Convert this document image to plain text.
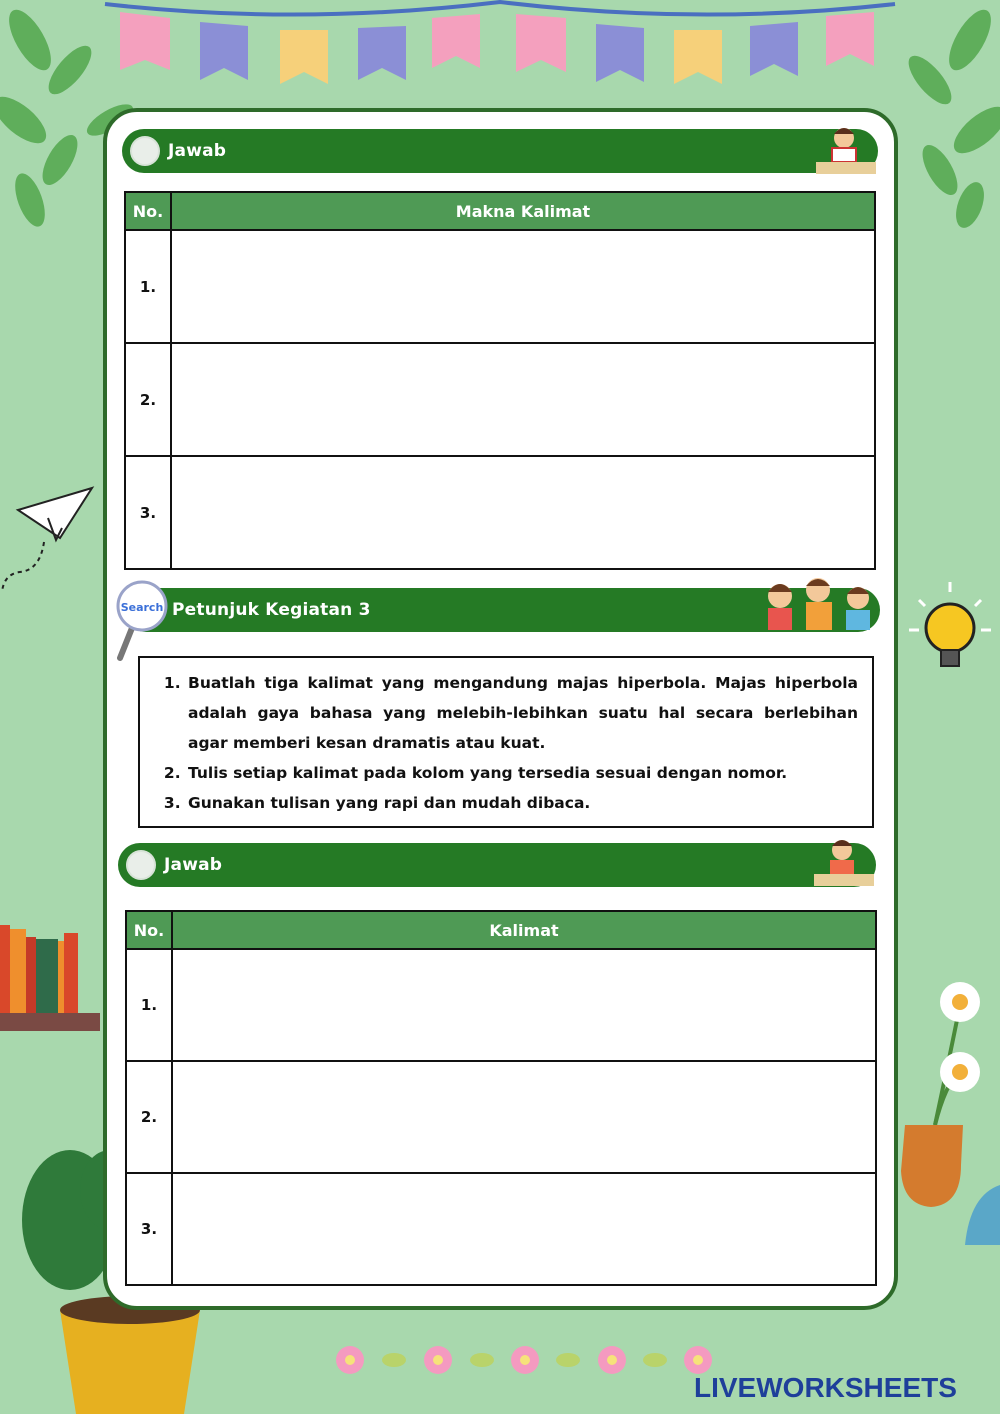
Jawab
No.	Makna Kalimat
1.	
2.	
3.	
Petunjuk Kegiatan 3
Search
1. Buatlah tiga kalimat yang mengandung majas hiperbola. Majas hiperbola adalah gaya bahasa yang melebih-lebihkan suatu hal secara berlebihan agar memberi kesan dramatis atau kuat.
2. Tulis setiap kalimat pada kolom yang tersedia sesuai dengan nomor.
3. Gunakan tulisan yang rapi dan mudah dibaca.
Jawab
No.	Kalimat
1.	
2.	
3.	
LIVEWORKSHEETS
